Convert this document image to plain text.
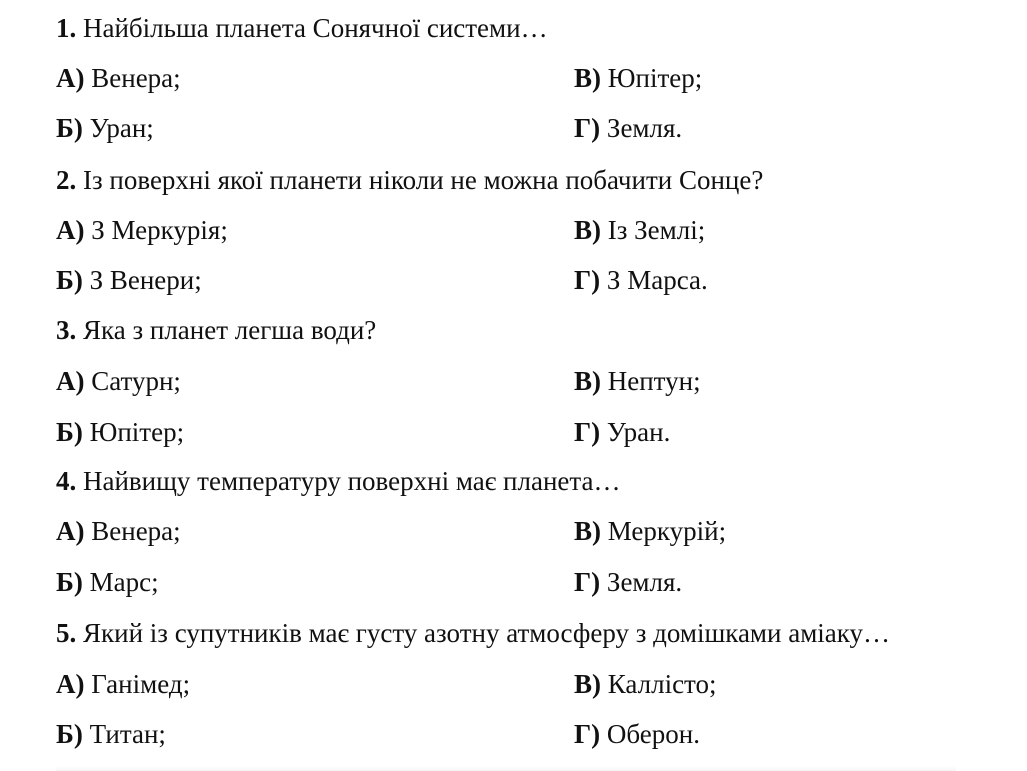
1. Найбільша планета Сонячної системи…
А) Венера;	В) Юпітер;
Б) Уран;	Г) Земля.
2. Із поверхні якої планети ніколи не можна побачити Сонце?
А) З Меркурія;	В) Із Землі;
Б) З Венери;	Г) З Марса.
3. Яка з планет легша води?
А) Сатурн;	В) Нептун;
Б) Юпітер;	Г) Уран.
4. Найвищу температуру поверхні має планета…
А) Венера;	В) Меркурій;
Б) Марс;	Г) Земля.
5. Який із супутників має густу азотну атмосферу з домішками аміаку…
А) Ганімед;	В) Каллісто;
Б) Титан;	Г) Оберон.
